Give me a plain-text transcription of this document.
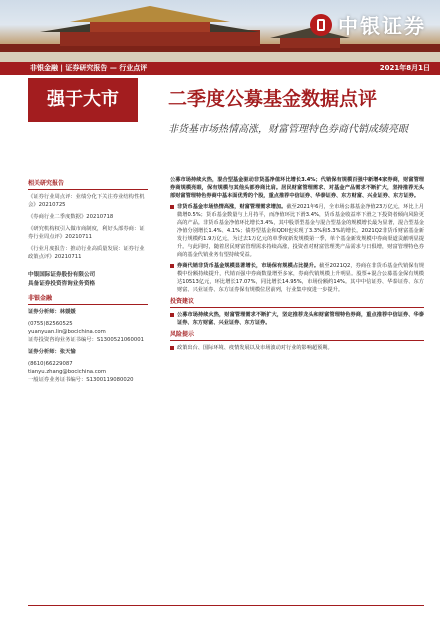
中银证券
非银金融 | 证券研究报告 — 行业点评	2021年8月1日
强于大市	二季度公募基金数据点评
非货基市场热情高涨，财富管理特色券商代销成绩亮眼
相关研究报告
《证券行业周点评：业绩分化下关注券业结构性机会》20210725
《券商行业二季度数据》20210718
《研究机构权引入做市商制度，利好头部券商：证券行业周点评》20210711
《行业月度报告：推动行业高质量发展：证券行业政策点评》20210711
中银国际证券股份有限公司
具备证券投资咨询业务资格
非银金融
证券分析师：林媛媛
(0755)82560525
yuanyuan.lin@bocichina.com
证券投资咨询业务证书编号：S1300521060001
证券分析师：张天愉
(8610)66229087
tianyu.zhang@bocichina.com
一般证券业务证书编号：S1300119080020

公募市场持续火热，混合型基金驱动非货基净值环比增长3.4%；代销保有规模百强中新增4家券商，财富管理券商规模亮眼，保有规模与其他头部券商比肩。居民财富管理需求、对基金产品需求不断扩大，坚持推荐无头部财富管理特色券商中基本面优秀的个股，重点推荐中信证券、华泰证券、东方财富、兴业证券、东方证券。

非货币基金市场热情高涨，财富管理需求增加。截至2021年6月，全市场公募基金净值23万亿元，环比上月微增0.5%；货币基金数量与上月持平，而净值环比下滑3.4%，货币基金收益率下滑之下投资者倾向风险更高的产品。非货币基金净值环比增长3.4%，其中股票型基金与混合型基金的规模增长最为显著，混合型基金净值分别增长1.4%、4.1%；债券型基金和QDII也实现了3.3%和5.3%的增长。2021Q2非货币财富基金新发行规模约1.9万亿元，为过去1万亿元的单季度新发规模第一季，单个基金新发规模中券商渠道贡献明显提升。与此同时，随着居民财富管理需求持续高涨，投资者对财富管理类产品需求与日俱增，财富管理特色券商的基金代销业务有望持续受益。
券商代销非货币基金规模显著增长，市场保有规模占比提升。截至2021Q2，券商在非货币基金代销保有规模中份额持续提升，代销百强中券商数量增至多家，券商代销规模上升明显。股票+混合公募基金保有规模达10513亿元，环比增长17.07%，同比增长14.95%，市场份额约14%。其中中信证券、华泰证券、东方财富、兴业证券、东方证券保有规模位居前列，行业集中度进一步提升。
投资建议
公募市场持续火热，财富管理需求不断扩大，坚定推荐龙头和财富管理特色券商，重点推荐中信证券、华泰证券、东方财富、兴业证券、东方证券。
风险提示
政策出台、国际环境、疫情发展以及市场波动对行业的影响超预期。
